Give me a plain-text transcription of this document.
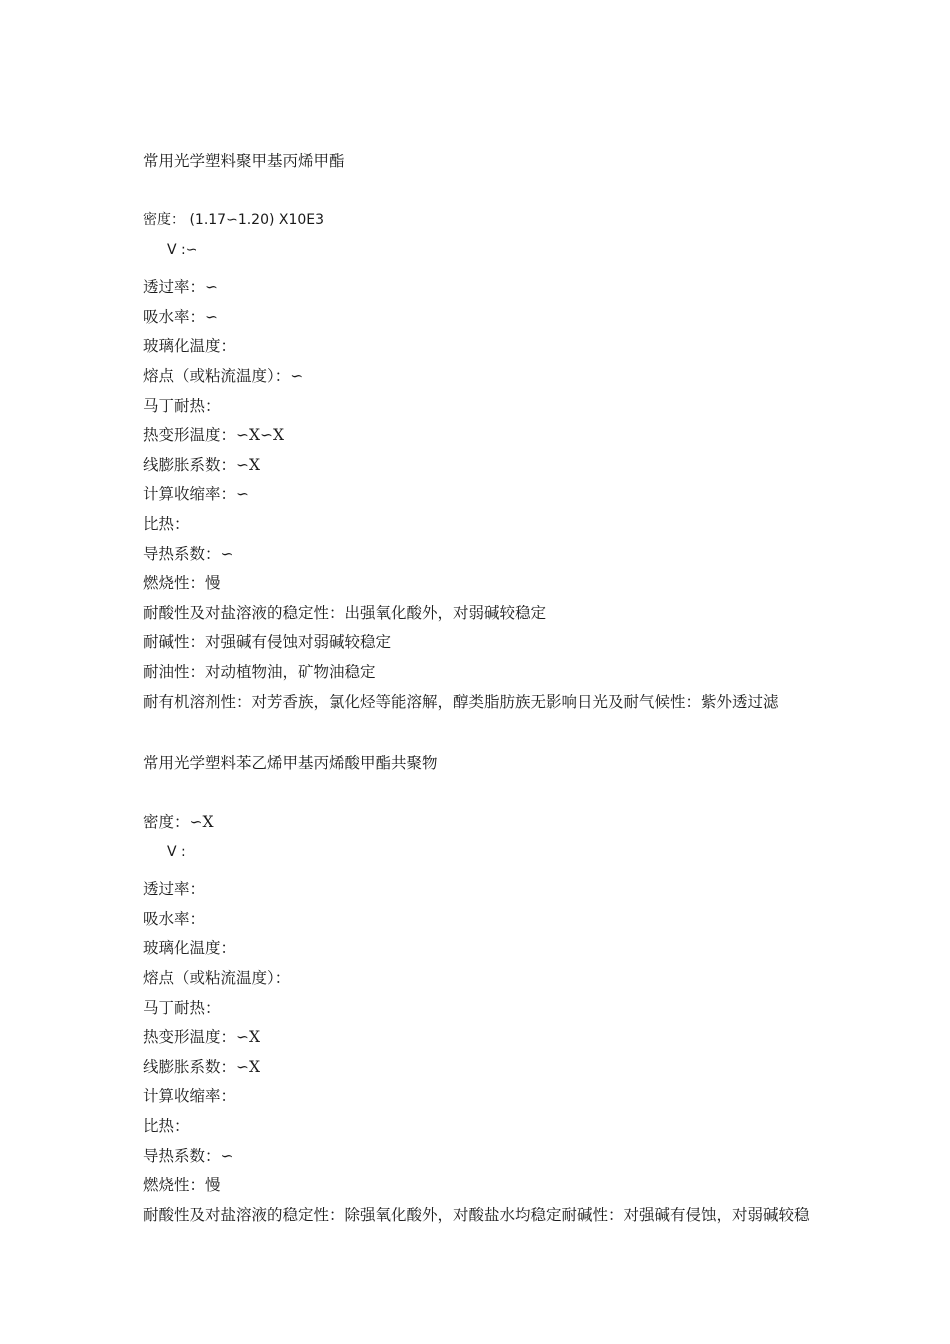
常用光学塑料聚甲基丙烯甲酯
密度： (1.17∽1.20) Ⅹ10E3
V :∽
透过率：∽
吸水率：∽
玻璃化温度：
熔点（或粘流温度）：∽
马丁耐热：
热变形温度：∽Ⅹ∽Ⅹ
线膨胀系数：∽Ⅹ
计算收缩率：∽
比热：
导热系数：∽
燃烧性：慢
耐酸性及对盐溶液的稳定性：出强氧化酸外，对弱碱较稳定
耐碱性：对强碱有侵蚀对弱碱较稳定
耐油性：对动植物油，矿物油稳定
耐有机溶剂性：对芳香族，氯化烃等能溶解，醇类脂肪族无影响日光及耐气候性：紫外透过滤
常用光学塑料苯乙烯甲基丙烯酸甲酯共聚物
密度：∽Ⅹ
V :
透过率：
吸水率：
玻璃化温度：
熔点（或粘流温度）：
马丁耐热：
热变形温度：∽Ⅹ
线膨胀系数：∽Ⅹ
计算收缩率：
比热：
导热系数：∽
燃烧性：慢
耐酸性及对盐溶液的稳定性：除强氧化酸外，对酸盐水均稳定耐碱性：对强碱有侵蚀，对弱碱较稳
